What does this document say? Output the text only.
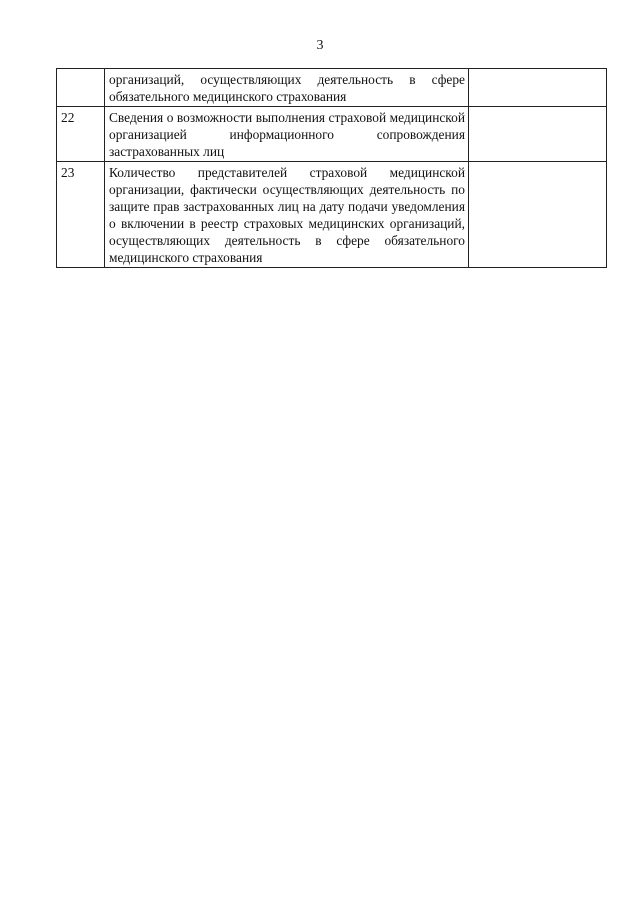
3
	организаций, осуществляющих деятельность в сфере обязательного медицинского страхования	
22	Сведения о возможности выполнения страховой медицинской организацией информационного сопровождения застрахованных лиц	
23	Количество представителей страховой медицинской организации, фактически осуществляющих деятельность по защите прав застрахованных лиц на дату подачи уведомления о включении в реестр страховых медицинских организаций, осуществляющих деятельность в сфере обязательного медицинского страхования	
